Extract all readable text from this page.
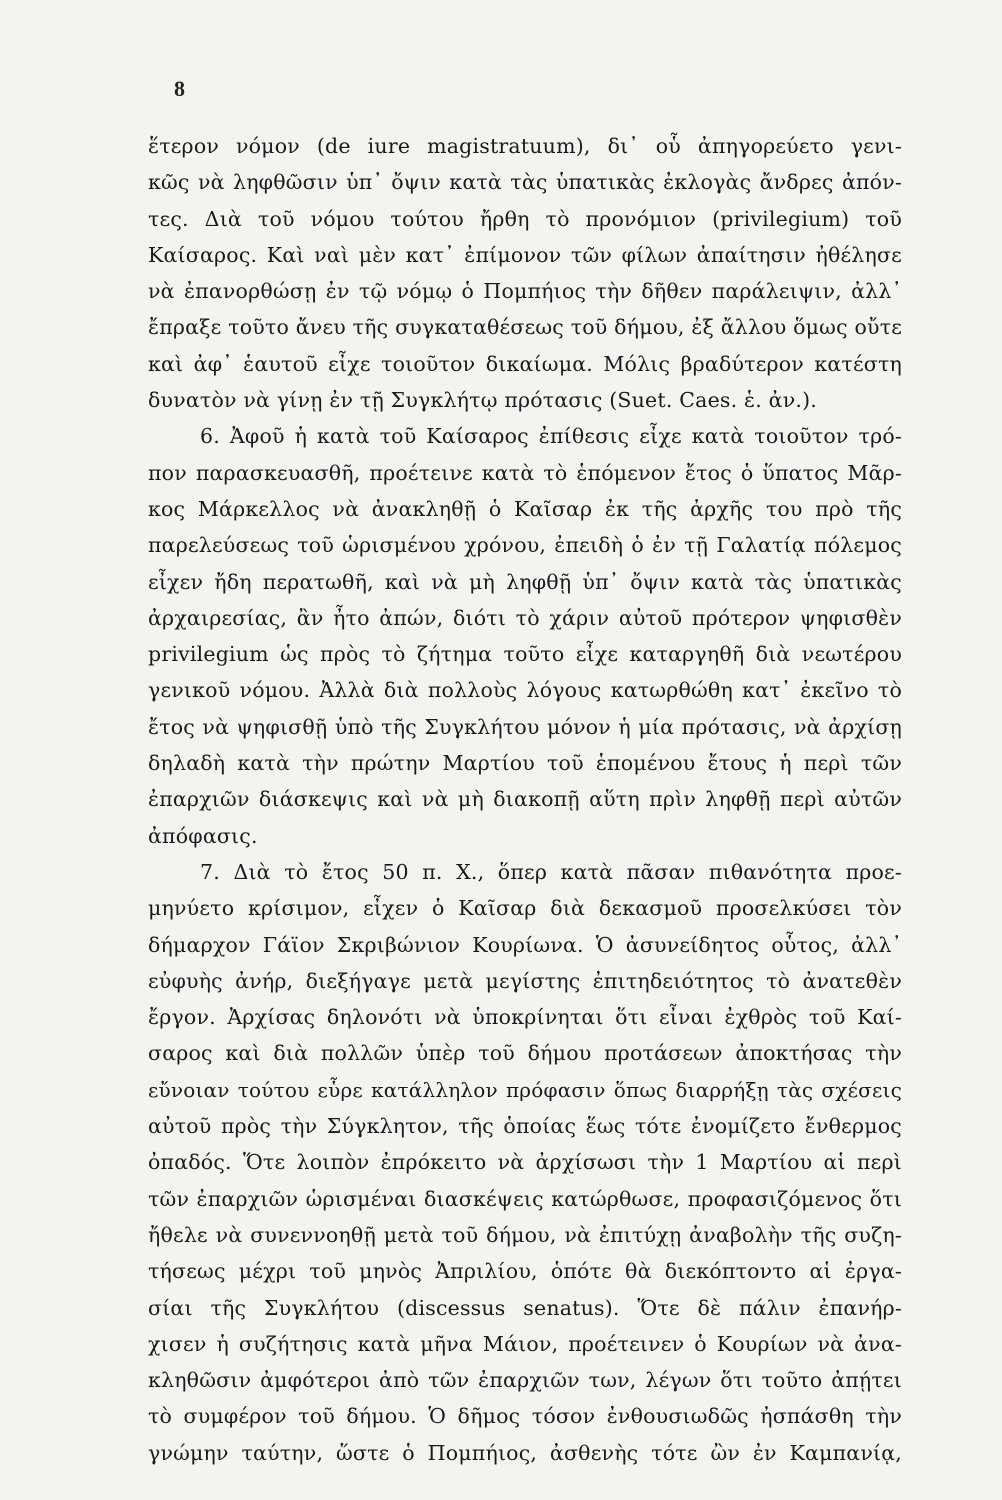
8
ἕτερον νόμον (de iure magistratuum), δι᾿ οὗ ἀπηγορεύετο γενι-
κῶς νὰ ληφθῶσιν ὑπ᾿ ὄψιν κατὰ τὰς ὑπατικὰς ἐκλογὰς ἄνδρες ἀπόν-
τες. Διὰ τοῦ νόμου τούτου ἤρθη τὸ προνόμιον (privilegium) τοῦ
Καίσαρος. Καὶ ναὶ μὲν κατ᾿ ἐπίμονον τῶν φίλων ἀπαίτησιν ἠθέλησε
νὰ ἐπανορθώσῃ ἐν τῷ νόμῳ ὁ Πομπήιος τὴν δῆθεν παράλειψιν, ἀλλ᾿
ἔπραξε τοῦτο ἄνευ τῆς συγκαταθέσεως τοῦ δήμου, ἐξ ἄλλου ὅμως οὔτε
καὶ ἀφ᾿ ἑαυτοῦ εἶχε τοιοῦτον δικαίωμα. Μόλις βραδύτερον κατέστη
δυνατὸν νὰ γίνῃ ἐν τῇ Συγκλήτῳ πρότασις (Suet. Caes. ἑ. ἀν.).
6. Ἀφοῦ ἡ κατὰ τοῦ Καίσαρος ἐπίθεσις εἶχε κατὰ τοιοῦτον τρό-
πον παρασκευασθῆ, προέτεινε κατὰ τὸ ἑπόμενον ἔτος ὁ ὕπατος Μᾶρ-
κος Μάρκελλος νὰ ἀνακληθῇ ὁ Καῖσαρ ἐκ τῆς ἀρχῆς του πρὸ τῆς
παρελεύσεως τοῦ ὡρισμένου χρόνου, ἐπειδὴ ὁ ἐν τῇ Γαλατίᾳ πόλεμος
εἶχεν ἤδη περατωθῆ, καὶ νὰ μὴ ληφθῇ ὑπ᾿ ὄψιν κατὰ τὰς ὑπατικὰς
ἀρχαιρεσίας, ἂν ἦτο ἀπών, διότι τὸ χάριν αὐτοῦ πρότερον ψηφισθὲν
privilegium ὡς πρὸς τὸ ζήτημα τοῦτο εἶχε καταργηθῆ διὰ νεωτέρου
γενικοῦ νόμου. Ἀλλὰ διὰ πολλοὺς λόγους κατωρθώθη κατ᾿ ἐκεῖνο τὸ
ἔτος νὰ ψηφισθῇ ὑπὸ τῆς Συγκλήτου μόνον ἡ μία πρότασις, νὰ ἀρχίσῃ
δηλαδὴ κατὰ τὴν πρώτην Μαρτίου τοῦ ἑπομένου ἔτους ἡ περὶ τῶν
ἐπαρχιῶν διάσκεψις καὶ νὰ μὴ διακοπῇ αὕτη πρὶν ληφθῇ περὶ αὐτῶν
ἀπόφασις.
7. Διὰ τὸ ἔτος 50 π. Χ., ὅπερ κατὰ πᾶσαν πιθανότητα προε-
μηνύετο κρίσιμον, εἶχεν ὁ Καῖσαρ διὰ δεκασμοῦ προσελκύσει τὸν
δήμαρχον Γάϊον Σκριβώνιον Κουρίωνα. Ὁ ἀσυνείδητος οὗτος, ἀλλ᾿
εὐφυὴς ἀνήρ, διεξήγαγε μετὰ μεγίστης ἐπιτηδειότητος τὸ ἀνατεθὲν
ἔργον. Ἀρχίσας δηλονότι νὰ ὑποκρίνηται ὅτι εἶναι ἐχθρὸς τοῦ Καί-
σαρος καὶ διὰ πολλῶν ὑπὲρ τοῦ δήμου προτάσεων ἀποκτήσας τὴν
εὔνοιαν τούτου εὗρε κατάλληλον πρόφασιν ὅπως διαρρήξῃ τὰς σχέσεις
αὐτοῦ πρὸς τὴν Σύγκλητον, τῆς ὁποίας ἕως τότε ἐνομίζετο ἔνθερμος
ὀπαδός. Ὅτε λοιπὸν ἐπρόκειτο νὰ ἀρχίσωσι τὴν 1 Μαρτίου αἱ περὶ
τῶν ἐπαρχιῶν ὡρισμέναι διασκέψεις κατώρθωσε, προφασιζόμενος ὅτι
ἤθελε νὰ συνεννοηθῇ μετὰ τοῦ δήμου, νὰ ἐπιτύχῃ ἀναβολὴν τῆς συζη-
τήσεως μέχρι τοῦ μηνὸς Ἀπριλίου, ὁπότε θὰ διεκόπτοντο αἱ ἐργα-
σίαι τῆς Συγκλήτου (discessus senatus). Ὅτε δὲ πάλιν ἐπανήρ-
χισεν ἡ συζήτησις κατὰ μῆνα Μάιον, προέτεινεν ὁ Κουρίων νὰ ἀνα-
κληθῶσιν ἀμφότεροι ἀπὸ τῶν ἐπαρχιῶν των, λέγων ὅτι τοῦτο ἀπῄτει
τὸ συμφέρον τοῦ δήμου. Ὁ δῆμος τόσον ἐνθουσιωδῶς ἠσπάσθη τὴν
γνώμην ταύτην, ὥστε ὁ Πομπήιος, ἀσθενὴς τότε ὢν ἐν Καμπανίᾳ,
